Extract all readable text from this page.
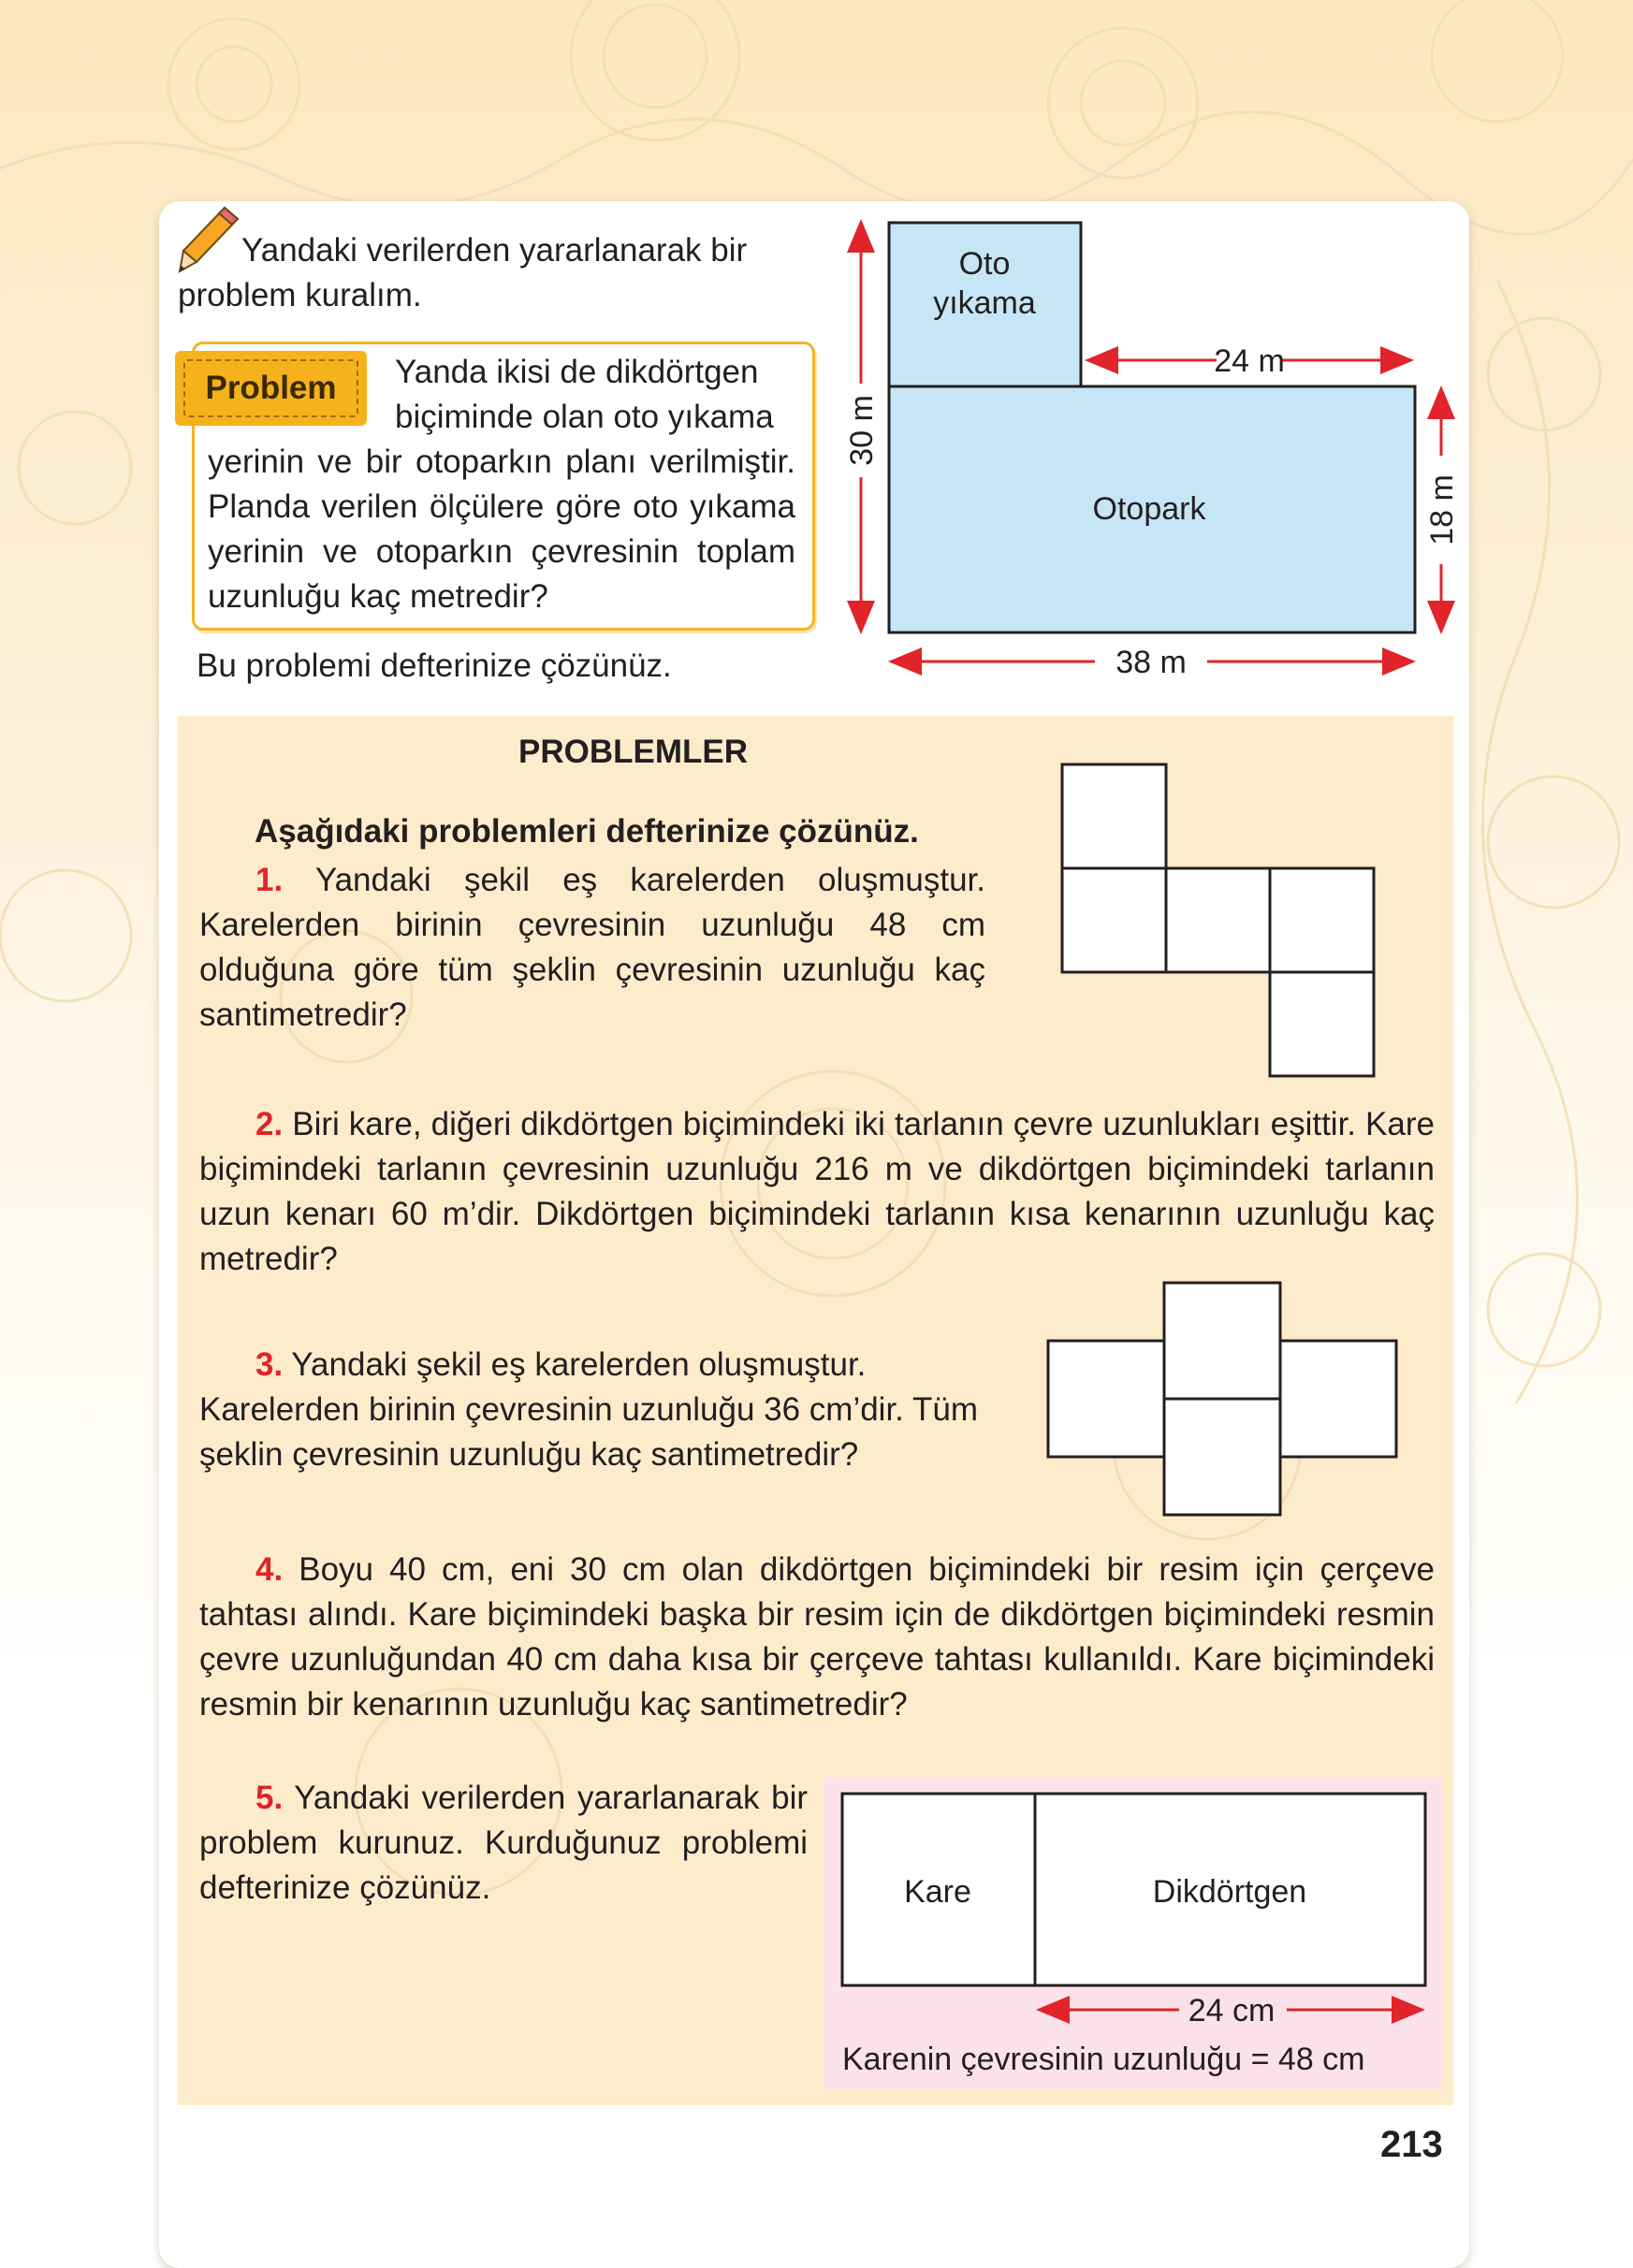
Yandaki verilerden yararlanarak bir

problem kuralım.

Problem	Yanda ikisi de dikdörtgen
biçiminde olan oto yıkama
yerinin ve bir otoparkın planı verilmiştir. Planda verilen ölçülere göre oto yıkama yerinin ve otoparkın çevresinin toplam uzunluğu kaç metredir?
Bu problemi defterinize çözünüz.
Oto
yıkama
Otopark
24 m
30 m
18 m
38 m
PROBLEMLER
Aşağıdaki problemleri defterinize çözünüz.
1. Yandaki şekil eş karelerden oluşmuştur. Karelerden birinin çevresinin uzunluğu 48 cm olduğuna göre tüm şeklin çevresinin uzunluğu kaç santimetredir?
2. Biri kare, diğeri dikdörtgen biçimindeki iki tarlanın çevre uzunlukları eşittir. Kare biçimindeki tarlanın çevresinin uzunluğu 216 m ve dikdörtgen biçimindeki tarlanın uzun kenarı 60 m’dir. Dikdörtgen biçimindeki tarlanın kısa kenarının uzunluğu kaç metredir?
3. Yandaki şekil eş karelerden oluşmuştur. Karelerden birinin çevresinin uzunluğu 36 cm’dir. Tüm şeklin çevresinin uzunluğu kaç santimetredir?
4. Boyu 40 cm, eni 30 cm olan dikdörtgen biçimindeki bir resim için çerçeve tahtası alındı. Kare biçimindeki başka bir resim için de dikdörtgen biçimindeki resmin çevre uzunluğundan 40 cm daha kısa bir çerçeve tahtası kullanıldı. Kare biçimindeki resmin bir kenarının uzunluğu kaç santimetredir?
5. Yandaki verilerden yararlanarak bir problem kurunuz. Kurduğunuz problemi defterinize çözünüz.	Kare	Dikdörtgen
24 cm
Karenin çevresinin uzunluğu = 48 cm
213
